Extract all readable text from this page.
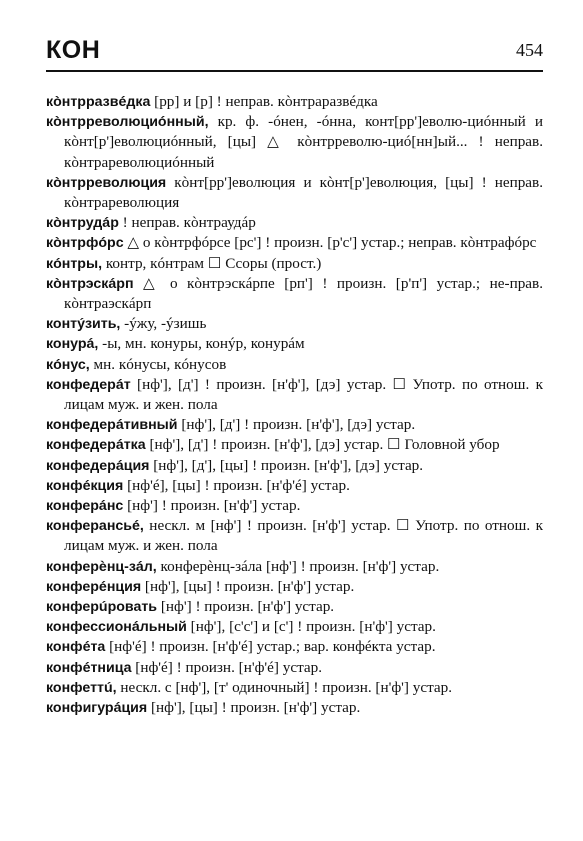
КОН	454

кòнтрразвéдка [рр] и [р] ! неправ. кòнтраразвéдка

кòнтрреволюциóнный, кр. ф. -óнен, -óнна, конт[рр']еволю-циóнный и кòнт[р']еволюциóнный, [цы] △ кòнтрреволю-циó[нн]ый... ! неправ. кòнтрареволюциóнный

кòнтрреволюция кòнт[рр']еволюция и кòнт[р']еволюция, [цы] ! неправ. кòнтрареволюция

кòнтрудáр ! неправ. кòнтраудáр

кòнтрфóрс △ о кòнтрфóрсе [рс'] ! произн. [р'с'] устар.; неправ. кòнтрафóрс

кóнтры, контр, кóнтрам ☐ Ссоры (прост.)

кòнтрэскáрп △ о кòнтрэскáрпе [рп'] ! произн. [р'п'] устар.; не-прав. кòнтраэскáрп

контýзить, -ýжу, -ýзишь

конурá, -ы, мн. конуры, конýр, конурáм

кóнус, мн. кóнусы, кóнусов

конфедерáт [нф'], [д'] ! произн. [н'ф'], [дэ] устар. ☐ Употр. по отнош. к лицам муж. и жен. пола

конфедерáтивный [нф'], [д'] ! произн. [н'ф'], [дэ] устар.

конфедерáтка [нф'], [д'] ! произн. [н'ф'], [дэ] устар. ☐ Головной убор

конфедерáция [нф'], [д'], [цы] ! произн. [н'ф'], [дэ] устар.

конфéкция [нф'é], [цы] ! произн. [н'ф'é] устар.

конферáнс [нф'] ! произн. [н'ф'] устар.

конферансьé, нескл. м [нф'] ! произн. [н'ф'] устар. ☐ Употр. по отнош. к лицам муж. и жен. пола

конферѐнц-зáл, конферѐнц-зáла [нф'] ! произн. [н'ф'] устар.

конферéнция [нф'], [цы] ! произн. [н'ф'] устар.

конферúровать [нф'] ! произн. [н'ф'] устар.

конфессионáльный [нф'], [с'с'] и [с'] ! произн. [н'ф'] устар.

конфéта [нф'é] ! произн. [н'ф'é] устар.; вар. конфéкта устар.

конфéтница [нф'é] ! произн. [н'ф'é] устар.

конфеттú, нескл. с [нф'], [т' одиночный] ! произн. [н'ф'] устар.

конфигурáция [нф'], [цы] ! произн. [н'ф'] устар.
